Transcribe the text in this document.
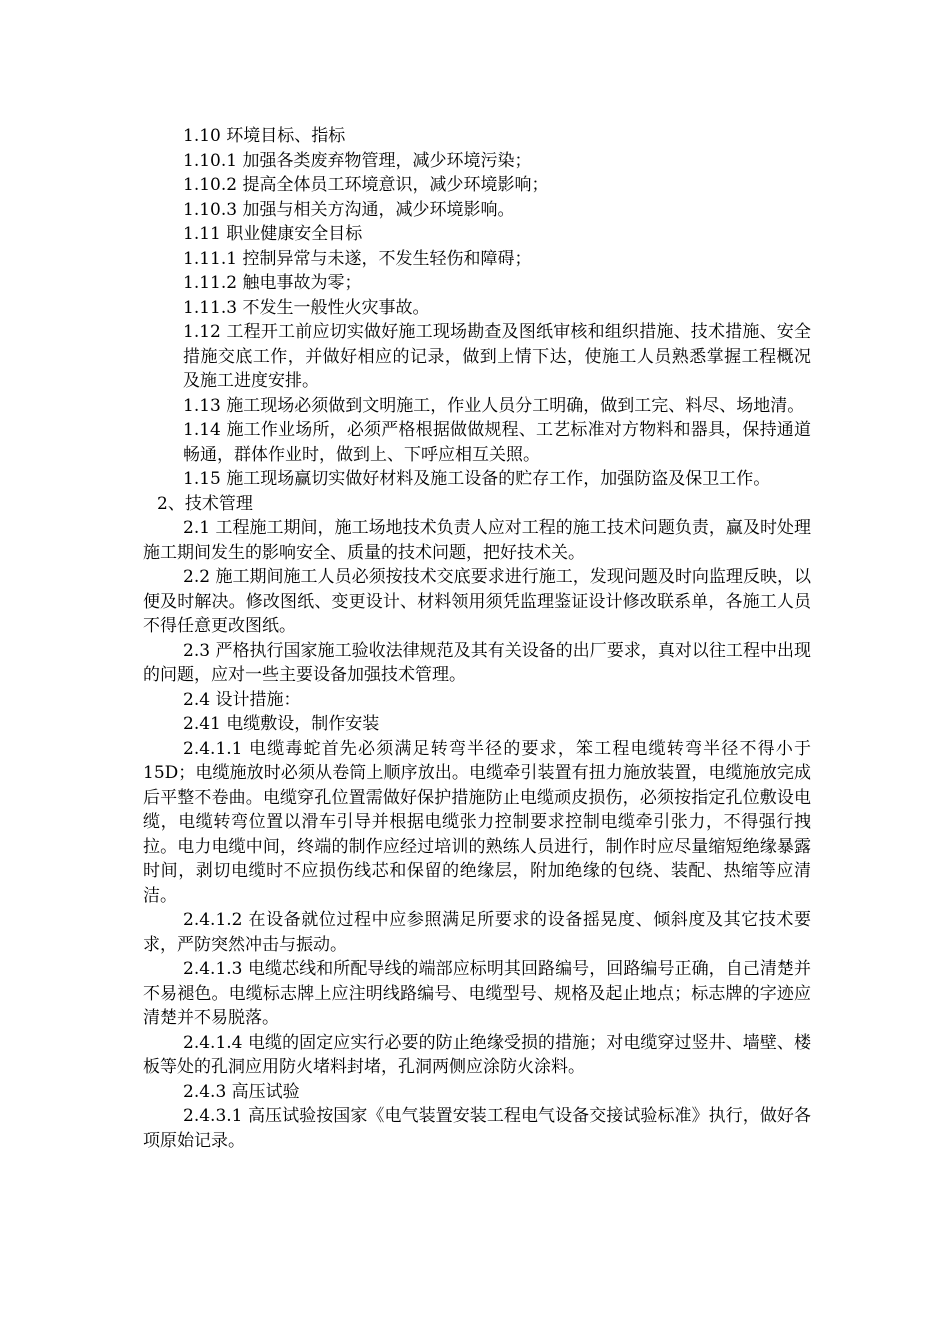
1.10 环境目标、指标

1.10.1 加强各类废弃物管理，减少环境污染；

1.10.2 提高全体员工环境意识，减少环境影响；

1.10.3 加强与相关方沟通，减少环境影响。

1.11 职业健康安全目标

1.11.1 控制异常与未遂，不发生轻伤和障碍；

1.11.2 触电事故为零；

1.11.3 不发生一般性火灾事故。

1.12 工程开工前应切实做好施工现场勘查及图纸审核和组织措施、技术措施、安全措施交底工作，并做好相应的记录，做到上情下达，使施工人员熟悉掌握工程概况及施工进度安排。

1.13 施工现场必须做到文明施工，作业人员分工明确，做到工完、料尽、场地清。

1.14 施工作业场所，必须严格根据做做规程、工艺标准对方物料和器具，保持通道畅通，群体作业时，做到上、下呼应相互关照。

1.15 施工现场赢切实做好材料及施工设备的贮存工作，加强防盗及保卫工作。

2、技术管理

2.1 工程施工期间，施工场地技术负责人应对工程的施工技术问题负责，赢及时处理施工期间发生的影响安全、质量的技术问题，把好技术关。

2.2 施工期间施工人员必须按技术交底要求进行施工，发现问题及时向监理反映，以便及时解决。修改图纸、变更设计、材料领用须凭监理鉴证设计修改联系单，各施工人员不得任意更改图纸。

2.3 严格执行国家施工验收法律规范及其有关设备的出厂要求，真对以往工程中出现的问题，应对一些主要设备加强技术管理。

2.4 设计措施：

2.41 电缆敷设，制作安装

2.4.1.1 电缆毒蛇首先必须满足转弯半径的要求，笨工程电缆转弯半径不得小于 15D；电缆施放时必须从卷筒上顺序放出。电缆牵引装置有扭力施放装置，电缆施放完成后平整不卷曲。电缆穿孔位置需做好保护措施防止电缆顽皮损伤，必须按指定孔位敷设电缆，电缆转弯位置以滑车引导并根据电缆张力控制要求控制电缆牵引张力，不得强行拽拉。电力电缆中间，终端的制作应经过培训的熟练人员进行，制作时应尽量缩短绝缘暴露时间，剥切电缆时不应损伤线芯和保留的绝缘层，附加绝缘的包绕、装配、热缩等应清洁。

2.4.1.2 在设备就位过程中应参照满足所要求的设备摇晃度、倾斜度及其它技术要求，严防突然冲击与振动。

2.4.1.3 电缆芯线和所配导线的端部应标明其回路编号，回路编号正确，自己清楚并不易褪色。电缆标志牌上应注明线路编号、电缆型号、规格及起止地点；标志牌的字迹应清楚并不易脱落。

2.4.1.4 电缆的固定应实行必要的防止绝缘受损的措施；对电缆穿过竖井、墙壁、楼板等处的孔洞应用防火堵料封堵，孔洞两侧应涂防火涂料。

2.4.3 高压试验

2.4.3.1 高压试验按国家《电气装置安装工程电气设备交接试验标准》执行，做好各项原始记录。
